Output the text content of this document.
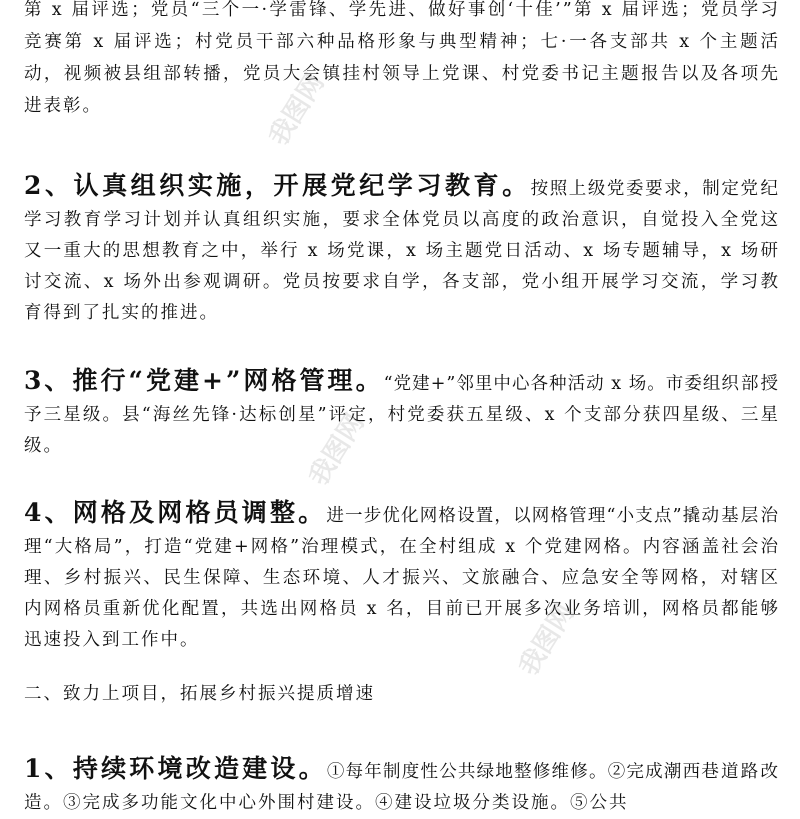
我图网
我图网
我图网

第 x 届评选；党员“三个一·学雷锋、学先进、做好事创‘十佳’”第 x 届评选；党员学习竞赛第 x 届评选；村党员干部六种品格形象与典型精神；七·一各支部共 x 个主题活动，视频被县组部转播，党员大会镇挂村领导上党课、村党委书记主题报告以及各项先进表彰。

2、认真组织实施，开展党纪学习教育。按照上级党委要求，制定党纪学习教育学习计划并认真组织实施，要求全体党员以高度的政治意识，自觉投入全党这又一重大的思想教育之中，举行 x 场党课，x 场主题党日活动、x 场专题辅导，x 场研讨交流、x 场外出参观调研。党员按要求自学，各支部，党小组开展学习交流，学习教育得到了扎实的推进。

3、推行“党建+”网格管理。“党建+”邻里中心各种活动 x 场。市委组织部授予三星级。县“海丝先锋·达标创星”评定，村党委获五星级、x 个支部分获四星级、三星级。

4、网格及网格员调整。进一步优化网格设置，以网格管理“小支点”撬动基层治理“大格局”，打造“党建+网格”治理模式，在全村组成 x 个党建网格。内容涵盖社会治理、乡村振兴、民生保障、生态环境、人才振兴、文旅融合、应急安全等网格，对辖区内网格员重新优化配置，共选出网格员 x 名，目前已开展多次业务培训，网格员都能够迅速投入到工作中。

二、致力上项目，拓展乡村振兴提质增速

1、持续环境改造建设。①每年制度性公共绿地整修维修。②完成潮西巷道路改造。③完成多功能文化中心外围村建设。④建设垃圾分类设施。⑤公共
